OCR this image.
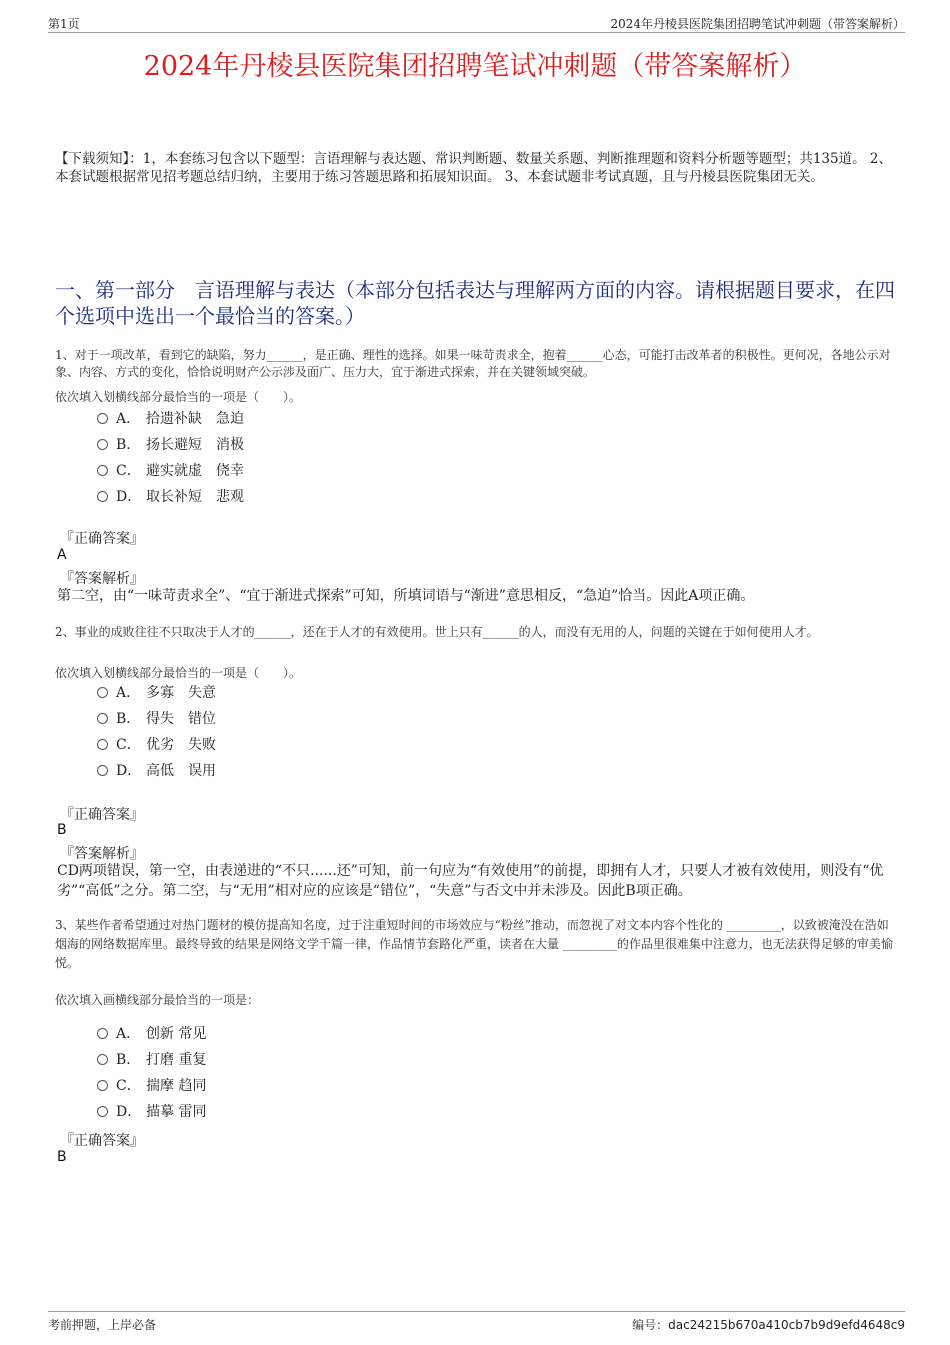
第1页	2024年丹棱县医院集团招聘笔试冲刺题（带答案解析）
2024年丹棱县医院集团招聘笔试冲刺题（带答案解析）
【下载须知】：1，本套练习包含以下题型：言语理解与表达题、常识判断题、数量关系题、判断推理题和资料分析题等题型；共135道。 2、本套试题根据常见招考题总结归纳，主要用于练习答题思路和拓展知识面。 3、本套试题非考试真题，且与丹棱县医院集团无关。
一、第一部分　言语理解与表达（本部分包括表达与理解两方面的内容。请根据题目要求，在四个选项中选出一个最恰当的答案。）
1、对于一项改革，看到它的缺陷，努力______，是正确、理性的选择。如果一味苛责求全，抱着______心态，可能打击改革者的积极性。更何况，各地公示对象、内容、方式的变化，恰恰说明财产公示涉及面广、压力大，宜于渐进式探索，并在关键领域突破。
依次填入划横线部分最恰当的一项是（　　）。
A． 拾遗补缺　急迫
B． 扬长避短　消极
C． 避实就虚　侥幸
D． 取长补短　悲观
『正确答案』
A
『答案解析』
第二空，由“一味苛责求全”、“宜于渐进式探索”可知，所填词语与“渐进”意思相反，“急迫”恰当。因此A项正确。
2、事业的成败往往不只取决于人才的______，还在于人才的有效使用。世上只有______的人，而没有无用的人，问题的关键在于如何使用人才。
依次填入划横线部分最恰当的一项是（　　）。
A． 多寡　失意
B． 得失　错位
C． 优劣　失败
D． 高低　误用
『正确答案』
B
『答案解析』
CD两项错误，第一空，由表递进的“不只......还”可知，前一句应为“有效使用”的前提，即拥有人才，只要人才被有效使用，则没有“优劣”“高低”之分。第二空，与“无用”相对应的应该是“错位”，“失意”与否文中并未涉及。因此B项正确。
3、某些作者希望通过对热门题材的模仿提高知名度，过于注重短时间的市场效应与“粉丝”推动，而忽视了对文本内容个性化的 _________，以致被淹没在浩如烟海的网络数据库里。最终导致的结果是网络文学千篇一律，作品情节套路化严重，读者在大量 _________的作品里很难集中注意力，也无法获得足够的审美愉悦。
依次填入画横线部分最恰当的一项是：
A． 创新 常见
B． 打磨 重复
C． 揣摩 趋同
D． 描摹 雷同
『正确答案』
B
考前押题，上岸必备	编号：dac24215b670a410cb7b9d9efd4648c9
